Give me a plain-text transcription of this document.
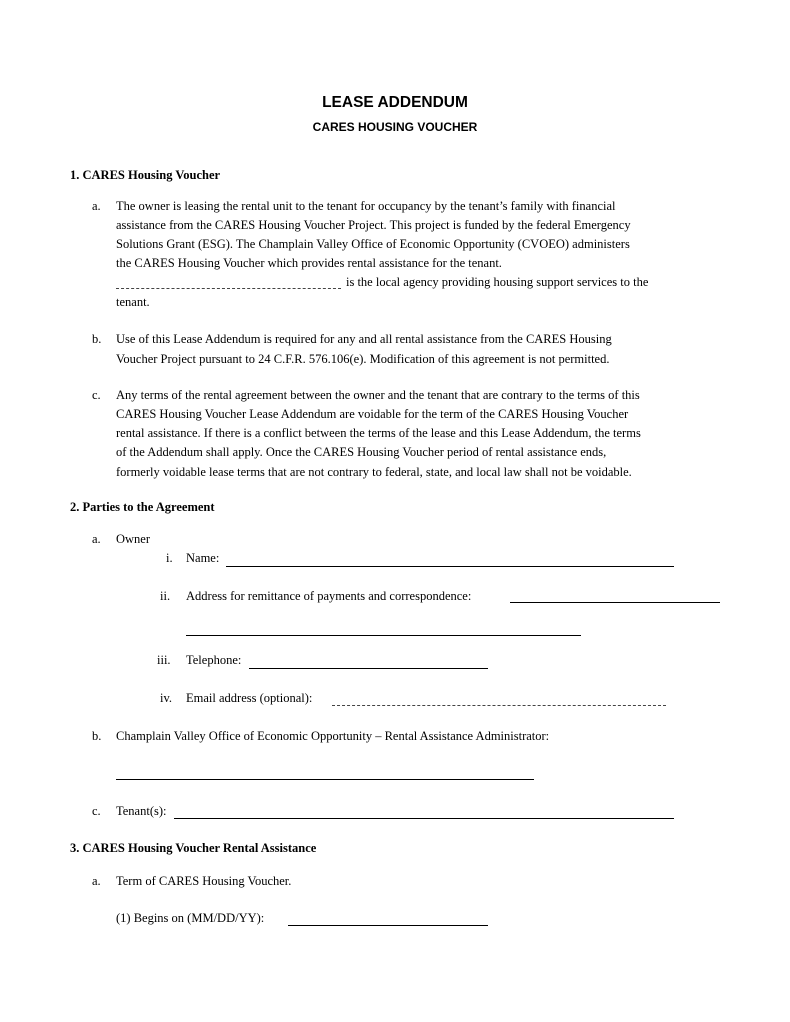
LEASE ADDENDUM
CARES HOUSING VOUCHER
1. CARES Housing Voucher
a. The owner is leasing the rental unit to the tenant for occupancy by the tenant’s family with financial
assistance from the CARES Housing Voucher Project. This project is funded by the federal Emergency
Solutions Grant (ESG). The Champlain Valley Office of Economic Opportunity (CVOEO) administers
the CARES Housing Voucher which provides rental assistance for the tenant.
is the local agency providing housing support services to the
tenant.
b. Use of this Lease Addendum is required for any and all rental assistance from the CARES Housing
Voucher Project pursuant to 24 C.F.R. 576.106(e). Modification of this agreement is not permitted.
c. Any terms of the rental agreement between the owner and the tenant that are contrary to the terms of this
CARES Housing Voucher Lease Addendum are voidable for the term of the CARES Housing Voucher
rental assistance. If there is a conflict between the terms of the lease and this Lease Addendum, the terms
of the Addendum shall apply. Once the CARES Housing Voucher period of rental assistance ends,
formerly voidable lease terms that are not contrary to federal, state, and local law shall not be voidable.
2. Parties to the Agreement
a. Owner
i. Name:
ii. Address for remittance of payments and correspondence:
iii. Telephone:
iv. Email address (optional):
b. Champlain Valley Office of Economic Opportunity – Rental Assistance Administrator:
c. Tenant(s):
3. CARES Housing Voucher Rental Assistance
a. Term of CARES Housing Voucher.
(1) Begins on (MM/DD/YY):
